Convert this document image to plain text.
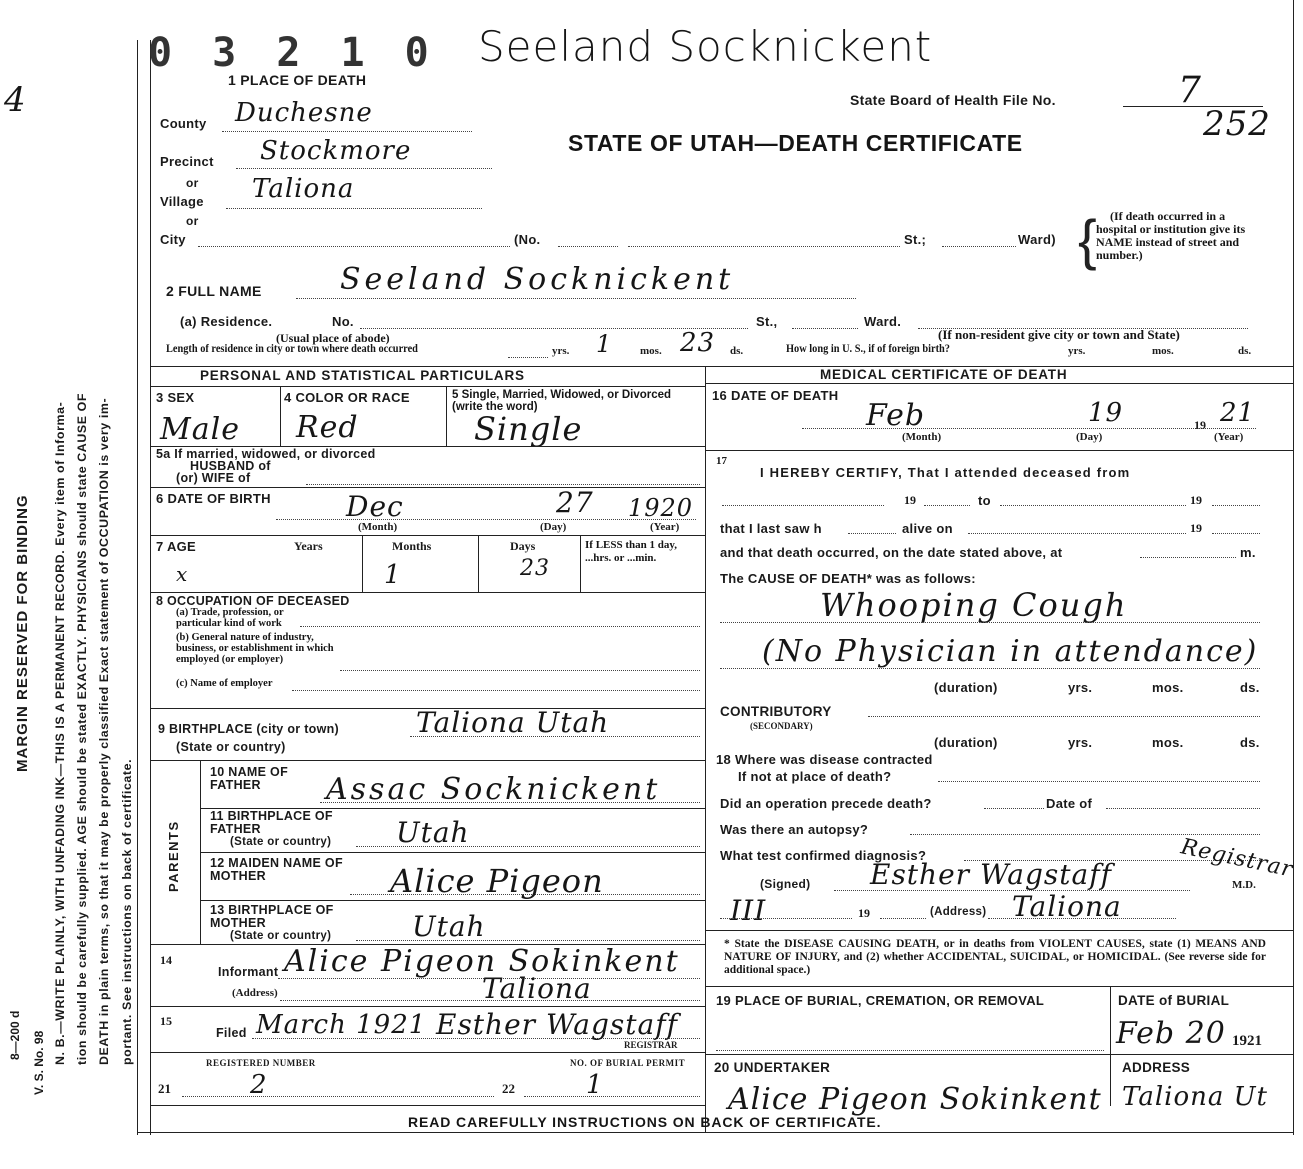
MARGIN RESERVED FOR BINDING N. B.—WRITE PLAINLY, WITH UNFADING INK—THIS IS A PERMANENT RECORD. Every item of Informa- tion should be carefully supplied. AGE should be stated EXACTLY. PHYSICIANS should state CAUSE OF DEATH in plain terms, so that it may be properly classified Exact statement of OCCUPATION is very im- portant. See instructions on back of certificate.
V. S. No. 98
8—200 d
4
0 3 2 1 0 Seeland Socknickent
1 PLACE OF DEATH
State Board of Health File No.	7
252
STATE OF UTAH—DEATH CERTIFICATE
County Duchesne
Precinct Stockmore
or
Village Taliona
or
City	(No.	St.;	Ward)
(If death occurred in a hospital or institution give its NAME instead of street and number.)
{
2 FULL NAME	Seeland Socknickent
(a) Residence.	No.
(Usual place of abode)
St.,	Ward.
(If non-resident give city or town and State)
Length of residence in city or town where death occurred	yrs. 1	mos. 23 ds.	How long in U. S., if of foreign birth?	yrs.	mos.	ds.
PERSONAL AND STATISTICAL PARTICULARS
3 SEX	4 COLOR OR RACE	5 Single, Married, Widowed, or Divorced (write the word)
Male Red	Single
5a If married, widowed, or divorced
HUSBAND of
(or) WIFE of
6 DATE OF BIRTH	Dec	27 1920
(Month)	(Day)	(Year)
7 AGE	Years	Months	Days	If LESS than 1 day, ...hrs. or ...min.
x	1	23
8 OCCUPATION OF DECEASED
(a) Trade, profession, or particular kind of work
(b) General nature of industry, business, or establishment in which employed (or employer)
(c) Name of employer
9 BIRTHPLACE (city or town)
(State or country)
Taliona Utah
PARENTS
10 NAME OF FATHER	Assac Socknickent
11 BIRTHPLACE OF FATHER
(State or country) Utah
12 MAIDEN NAME OF MOTHER	Alice Pigeon
13 BIRTHPLACE OF MOTHER
(State or country)	Utah
14
Informant Alice Pigeon Sokinkent
(Address)	Taliona
15
Filed March 1921 Esther Wagstaff
REGISTRAR
REGISTERED NUMBER	NO. OF BURIAL PERMIT
21	2	22	1
MEDICAL CERTIFICATE OF DEATH
16 DATE OF DEATH
Feb	19	19 21
(Month)	(Day)	(Year)
17
I HEREBY CERTIFY, That I attended deceased from
19	to	19
that I last saw h	alive on	19
and that death occurred, on the date stated above, at	m.
The CAUSE OF DEATH* was as follows:
Whooping Cough
(No Physician in attendance)
(duration)	yrs.	mos.	ds.
CONTRIBUTORY
(SECONDARY)
(duration)	yrs.	mos.	ds.
18 Where was disease contracted
If not at place of death?
Did an operation precede death?	Date of
Was there an autopsy?
What test confirmed diagnosis?
(Signed) Esther Wagstaff	Registrar
M.D.
III	19	(Address) Taliona
* State the DISEASE CAUSING DEATH, or in deaths from VIOLENT CAUSES, state (1) MEANS AND NATURE OF INJURY, and (2) whether ACCIDENTAL, SUICIDAL, or HOMICIDAL. (See reverse side for additional space.)
19 PLACE OF BURIAL, CREMATION, OR REMOVAL	DATE of BURIAL
Feb 20 1921
20 UNDERTAKER
Alice Pigeon Sokinkent
ADDRESS
Taliona Ut
READ CAREFULLY INSTRUCTIONS ON BACK OF CERTIFICATE.
